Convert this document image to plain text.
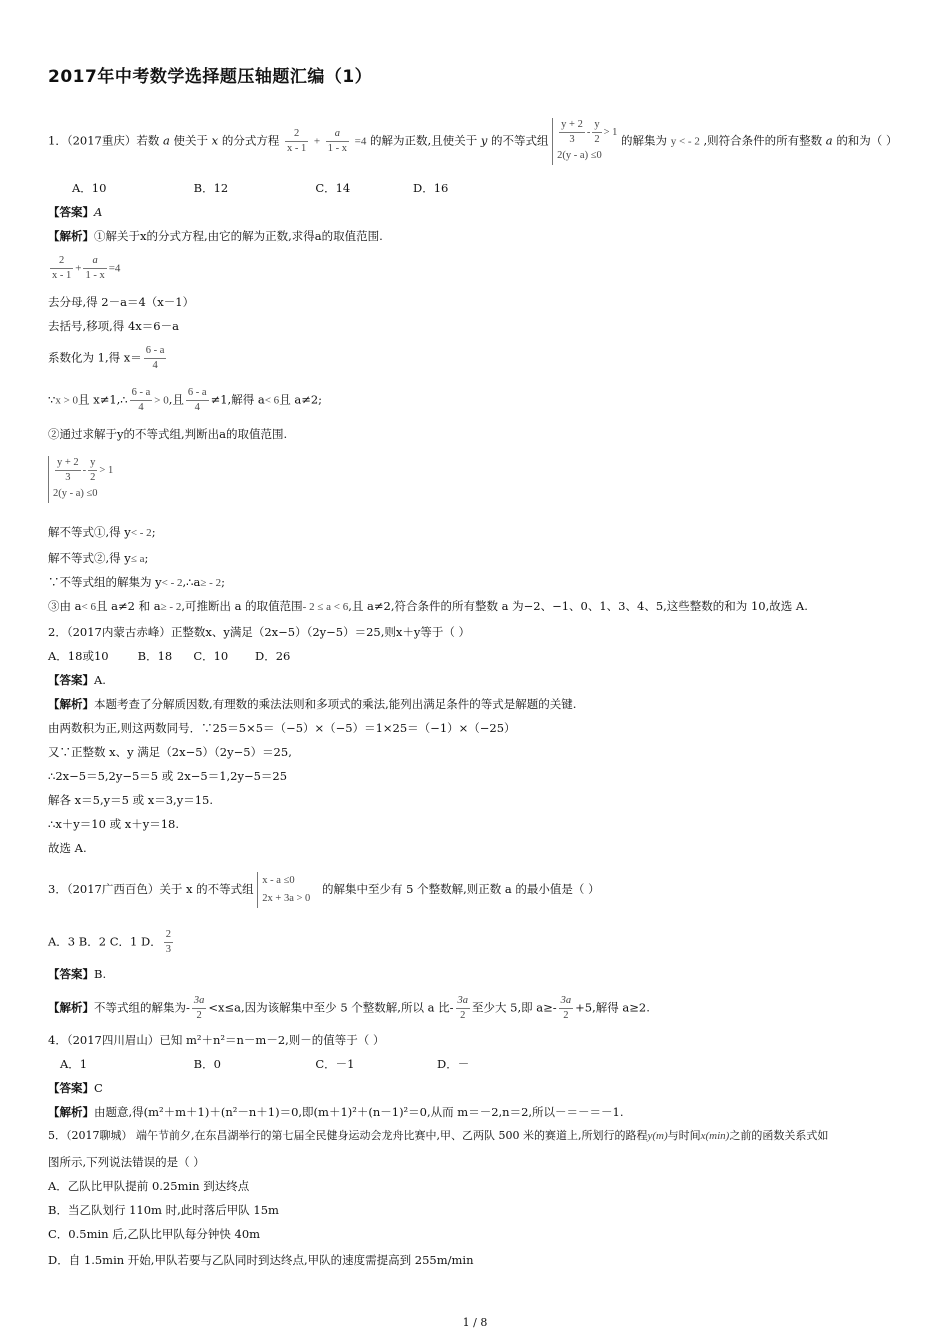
2017年中考数学选择题压轴题汇编（1）
1．（2017重庆）若数 a 使关于 x 的分式方程 $\frac{2}{x - 1} + \frac{a}{1 - x} =4$ 的解为正数,且使关于 y 的不等式组 $\frac{y + 2}{3} - \frac{y}{2} > 1$
2(y - a) ≤0
的解集为 y < - 2 ,则符合条件的所有整数 a 的和为（ ）
A．10	B．12	C．14	D．16
【答案】A
【解析】①解关于x的分式方程,由它的解为正数,求得a的取值范围.
$\frac{2}{x - 1} + \frac{a}{1 - x} =4$
去分母,得 2－a＝4（x－1）
去括号,移项,得 4x＝6－a
系数化为 1,得 $x= \frac{6 - a}{4}$
∵x > 0且 x≠1,∴ $\frac{6 - a}{4} > 0$,且 $\frac{6 - a}{4} \ne 1$,解得 a< 6且 a≠2;
②通过求解于y的不等式组,判断出a的取值范围.
$\frac{y + 2}{3} - \frac{y}{2} > 1$
2(y - a) ≤0
解不等式①,得 y< - 2;
解不等式②,得 y≤ a;
∵不等式组的解集为 y< - 2,∴a≥ - 2;
③由 a< 6且 a≠2 和 a≥ - 2,可推断出 a 的取值范围- 2 ≤ a < 6,且 a≠2,符合条件的所有整数 a 为−2、−1、0、1、3、4、5,这些整数的和为 10,故选 A.
2．（2017内蒙古赤峰）正整数x、y满足（2x−5）（2y−5）＝25,则x＋y等于（ ）
A．18或10	B．18 C．10 D．26
【答案】A.
【解析】本题考查了分解质因数,有理数的乘法法则和多项式的乘法,能列出满足条件的等式是解题的关键.
由两数积为正,则这两数同号．∵25＝5×5＝（−5）×（−5）＝1×25＝（−1）×（−25）
又∵正整数 x、y 满足（2x−5）（2y−5）＝25,
∴2x−5＝5,2y−5＝5 或 2x−5＝1,2y−5＝25
解各 x＝5,y＝5 或 x＝3,y＝15.
∴x＋y＝10 或 x＋y＝18.
故选 A.
3．（2017广西百色）关于 x 的不等式组
x - a ≤0
2x + 3a > 0
的解集中至少有 5 个整数解,则正数 a 的最小值是（ ）
A．3 B．2 C．1 D． $\frac{2}{3}$
【答案】B.
【解析】不等式组的解集为- $\frac{3a}{2} <x\le a$,因为该解集中至少 5 个整数解,所以 a 比- $\frac{3a}{2}$ 至少大 5,即 $a\ge- \frac{3a}{2} +5$,解得 a≥2.
4．（2017四川眉山）已知 m²＋n²＝n－m－2,则－的值等于（ ）
A．1	B．0	C．－1	D．－
【答案】C
【解析】由题意,得(m²＋m＋1)＋(n²－n＋1)＝0,即(m＋1)²＋(n－1)²＝0,从而 m＝－2,n＝2,所以－＝－＝－1.
5．（2017聊城） 端午节前夕,在东昌湖举行的第七届全民健身运动会龙舟比赛中,甲、乙两队 500 米的赛道上,所划行的路程y(m)与时间x(min)之前的函数关系式如
图所示,下列说法错误的是（ ）
A．乙队比甲队提前 0.25min 到达终点
B．当乙队划行 110m 时,此时落后甲队 15m
C．0.5min 后,乙队比甲队每分钟快 40m
D．自 1.5min 开始,甲队若要与乙队同时到达终点,甲队的速度需提高到 255m/min
1 / 8
